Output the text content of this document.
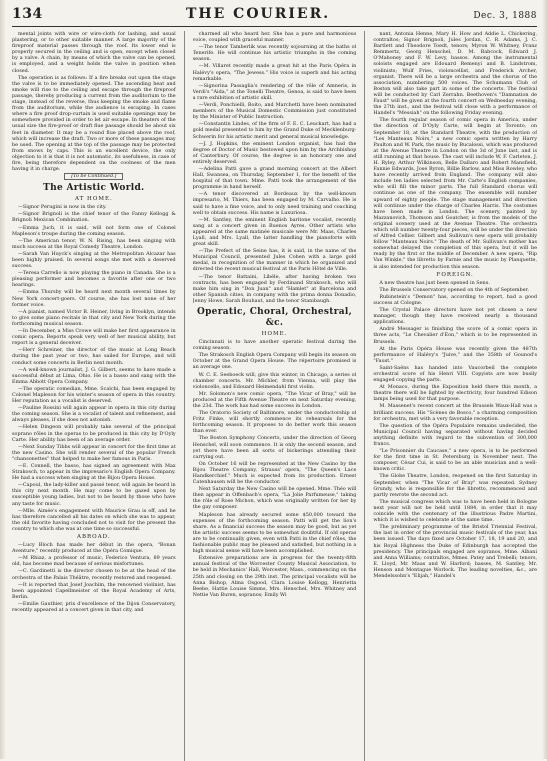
134	THE COURIER.	Dec. 3, 1888

mental joints with wire or wire-cloth for lashing, and usual plastering, or to other suitable manner. A large majority of the fireproof material passes through the roof. Its lower end is properly secured in the ceiling and is open, except when closed by a valve. A chain, by means of which the valve can be opened, is employed, and a weight holds the valve in position when closed.

The operation is as follows: If a fire breaks out upon the stage the valve is to be immediately opened. The ascending heat and smoke will rise to the ceiling and escape through the fireproof passage, thereby producing a current from the auditorium to the stage, instead of the reverse, thus keeping the smoke and flame from the auditorium, while the audience is escaping. In cases where a fire proof drop-curtain is used suitable openings may be somewhere provided in order to let air escape. In theaters of the usual size the fire-proof or draft flue passage should be about six feet in diameter. It may be a round flue placed above the roof, which will increase the draft. Two or more of these passages may be used. The opening at the top of the passage may be protected from snows by caps. This is an excellent device, the only objection to it is that it is not automatic, its usefulness, in case of fire, being therefore dependent on the coolness of the men having it in charge.

[To be Continued.]
The Artistic World.
AT HOME.

—Signor Perugini is now in the city.

—Signor Brignoli is the chief tenor of the Fanny Kellogg & Brignoli Mexican Combination.

—Emma Juch, it is said, will not form one of Colonel Mapleson's troupe during the coming season.

—The American tenor, W. N. Rising, has been singing with much success at the Royal Comedy Theatre, London.

—Sarah Van Huyck's singing at the Metropolitan Alcazar has been highly praised. In several songs she met with a deserved success.

—Teresa Carreño is now playing the piano in Canada. She is a pleasing performer and becomes a favorite after one or two hearings.

—Emma Thursby will be heard next month several times by New York concert-goers. Of course, she has lost none of her former voice.

—A pianist, named Victor B. Heiner, living in Brooklyn, intends to give some piano recitals in that city and New York during the forthcoming musical season.

—In December, a Miss Crowe will make her first appearance in comic opera. Reports speak very well of her musical ability, but report is a general deceiver.

—Herr Schreiner, the director of the music at Long Beach during the past year or two, has sailed for Europe, and will conduct some concerts in Berlin next month.

—A well-known journalist, J. G. Gilbert, seems to have made a successful début at Lima, Ohio. He is a basso and sang with the Emma Abbott Opera Company.

—The operatic comedian, Mme. Scalchi, has been engaged by Colonel Mapleson for his winter's season of opera in this country. Her reputation as a vocalist is deserved.

—Pauline Rossini will again appear in opera in this city during the coming season. She is a vocalist of talent and refinement, and always pleases, if she does not astonish.

—Helen Dingeon will probably take several of the principal soprano rôles in the operas to be produced in this city by D'Oyly Carte. Her ability has been of an average order.

—Next Sunday Tibbs will appear in concert for the first time at the new Casino. She will render several of the popular French "chansonettes" that helped to make her famous in Paris.

—E. Connell, the basso, has signed an agreement with Max Strakosch, to appear in the impresario's English Opera Company. He had a success when singing at the Bijou Opera House.

—Capoul, the lady-killer and passé tenor, will again be heard in this city next month. He may come to be gazed upon by susceptible young ladies, but not to be heard by those who have any taste for music.

—Mlle. Aimée's engagement with Maurice Grau is off, and he has therefore cancelled all his dates on which she was to appear, the old favorite having concluded not to visit for the present the country to which she was at one time so successful.

ABROAD.

—Lucy Bloch has made her début in the opera, "Bonan Aventure," recently produced at the Opéra Comique.

—M Rhiaz, a professor of music, Federico Ventura, 89 years old, has become mad because of serious misfortunes.

—C. Gardinetti is the director chosen to be at the head of the orchestra of the Palais Théâtre, recently restored and reopened.

—It is reported that Josef Joachim, the renowned violinist, has been appointed Capellmeister of the Royal Academy of Arts, Berlin.

—Emilie Gauthier, prix d'excellence of the Dijon Conservatory, recently appeared at a concert given in that city, and

charmed all who heard her. She has a pure and harmonious voice, coupled with graceful manner.

—The tenor Tamberlik was recently sojourning at the baths of Tenerife. He will continue his artistic triumphs in the coming season.

—M. Villaret recently made a great hit at the Paris Opéra in Halévy's opera, "The Jewess." His voice is superb and his acting remarkable.

—Signorina Passaglia's rendering of the rôle of Amneris, in Verdi's "Aida," at the Tonelli Theatre, Genoa, is said to have been a rare exhibition of artistic skill.

—Verdi, Ponchielli, Boito, and Marchetti have been nominated members of the Musical Domestic Commission just constituted by the Minister of Public Instruction.

—Constantin Lindes, of the firm of F. E. C. Leuckart, has had a gold medal presented to him by the Grand Duke of Mecklenburg-Schwerin for his artistic merit and general musical knowledge.

—J. J. Hopkins, the eminent London organist, has had the degree of Doctor of Music bestowed upon him by the Archbishop of Canterbury. Of course, the degree is an honorary one and entirely deserved.

—Adelina Patti gave a grand morning concert at the Albert Hall, Swansea, on Thursday, September 1, for the benefit of the hospital of that town. Mme. Patti took the arrangement of the programme in hand herself.

—A tenor discovered at Bordeaux by the well-known impresario, M. Thiers, has been engaged by M. Carvalho. He is said to have a fine voice, and to only need training and coaching well to obtain success. His name is Luxuriosa.

—M. Santley, the eminent English baritone vocalist, recently sang at a concert given in Buenos Ayres. Other artists who appeared at the same matinée musicale were Mr. Maas, Charles Lyall, and Mrs. Lyall, the latter handling the pianoforte with great skill.

—The Prefect of the Seine has, it is said, in the name of the Municipal Council, presented Jules Cohen with a large gold medal, in recognition of the manner in which he organized and directed the recent musical festival at the Paris Hôtel de Ville.

—The tenor Battaini, Libéle, after having broken two contracts, has been engaged by Ferdinand Strakosch, who will make him sing in "Don Juan" and "Hamlet" at Barcelona and other Spanish cities, in company with the prima donna Donadio, Jenny Howe, Sarah Bouhaut, and the tenor Stanibaugh.

Operatic, Choral, Orchestral, &c.
HOME.

Cincinnati is to have another operatic festival during the coming season.

The Strakosch English Opera Company will begin its season on October at the Grand Opera House. The répertoire promised is an average one.

W. C. E. Seeboeck will, give this winter, in Chicago, a series of chamber concerts. Mr. Michler, from Vienna, will play the violoncello, and Edouard Heimendahl first violin.

Mr. Solomon's new comic opera, "The Vicar of Bray," will be produced at the Fifth Avenue Theatre on next Saturday evening, the 23d. The work has had some success in London.

The Oratorio Society of Baltimore, under the conductorship of Fritz Finke, will shortly commence its rehearsals for the forthcoming season. It proposes to do better work this season than ever.

The Boston Symphony Concerts, under the direction of Georg Henschel, will soon commence. It is only the second season, and yet there have been all sorts of bickerings attending their carrying out.

On October 16 will be represented at the New Casino by the Bijou Theatre Company, Strauss' opera, "The Queen's Lace Handkerchief." Much is expected from its production. Ernest Catenhausen will be the conductor.

Next Saturday the New Casino will be opened. Mme. Théo will then appear in Offenbach's opera, "La Jolie Parfumeuse," taking the rôle of Rose Michon, which was originally written for her by the gay composer.

Mapleson has already secured some $50,000 toward the expenses of the forthcoming season. Patti will get the lion's share. As a financial success the season may be good, but as yet the artistic success seems to be somewhat doubtful. If old operas are to be continually given, even with Patti in the chief rôles, the fashionable public may be pleased and satisfied, but nothing in a high musical sense will have been accomplished.

Extensive preparations are in progress for the twenty-fifth annual festival of the Worcester County Musical Association, to be held in Mechanics' Hall, Worcester, Mass., commencing on the 25th and closing on the 29th inst. The principal vocalists will be Anna Bishop, Alma Osgood, Clara Louise Kellogg, Henrietta Beebe, Hattie Louise Simms, Mrs. Henschel, Mrs. Whitney and Nettie Van Buren, sopranos; Emily Wi

nant, Antonia Henne, Mary H. How and Addie L. Chickering, contraltos; Signor Brignoli, Jules Jordan, C. R. Adams, J. C. Bartlett and Theodore Toedt, tenors; Myron W. Whitney, Franz Remmertz, Georg Henschel, D. M. Babcock, Edward J. O'Mahoney and F. W. Levy, bassos. Among the instrumental soloists engaged are Edouard Remenyi and B. Lindstrom, violinists; Wulf Fries, violoncellist, and Frederick Archer, organist. There will be a large orchestra and the chorus of the association, numbering 500 voices. The Schumann Club of Boston will also take part in some of the concerts. The festival will be conducted by Carl Zerrahn. Beethoven's "Damnation de Faust" will be given at the fourth concert on Wednesday evening, the 27th inst., and the festival will close with a performance of Handel's "Messiah" on the following Friday evening.

The fourth regular season of comic opera in America, under the direction of D'Oyly Carte, will begin at Toronto, on September 18, at the Standard Theatre, with the production of "Les Manteaux Noirs," a new comic opera written by Harry Paulton and W. Park, the music by Bucalossi, which was produced at the Avenue Theatre in London on the 3d of June last, and is still running at that house. The cast will include W. F. Carleton, J. H. Ryley, Arthur Wilkinson, Belle Dallaro and Robert Mansfield, Fannie Edwards, Jose Byron, Billie Barlow, and Miss Rowley, who have recently arrived from England. The company will also include ten ladies selected from Mr. Carte's English companies, who will fill the minor parts. The full Standard chorus will continue as one of the company. The ensemble will number upward of eighty people. The stage management and direction will continue under the charge of Charles Harris. The costumes have been made in London. The scenery, painted by Mazzanovich, Thomson and Goatcher, is from the models of the original scenery used at the Avenue Theatre. The orchestra which will number twenty-four pieces, will be under the direction of Alfred Cellier. Gilbert and Sullivan's new opera will probably follow "Manteaux Noirs." The death of Mr. Sullivan's mother has somewhat delayed the completion of this opera, but it will be ready by the first or the middle of December. A new opera, "Rip Van Winkle," the libretto by Farnie and the music by Planquette, is also intended for production this season.

FOREIGN.

A new theatre has just been opened in Sens.

The Brussels Conservatory opened on the 4th of September.

Rubinstein's "Demon" has, according to report, had a good success at Cologne.

The Crystal Palace directors have not yet chosen a new manager, though they have received nearly a thousand applications.

André Messager is finishing the score of a comic opera in three acts, "Le Chevalier d'Éon," which is to be represented in Brussels.

At the Paris Opéra House was recently given the 487th performance of Halévy's "Juive," and the 358th of Gounod's "Faust."

Saint-Saëns has handed into Vaucorbeil the complete orchestral score of his Henri VIII. Copyists are now busily engaged copying the parts.

At Monaco, during the Exposition held there this month, a theatre there will be lighted by electricity, four hundred Edison lamps being used for that purpose.

M. Massenet's recent concert at the Brussels Waux-Hall was a brilliant success. His "Scènes de Bosco," a charming composition for orchestra, met with a very favorable reception.

The question of the Opéra Populaire remains undecided, the Municipal Council having separated without having decided anything definite with regard to the subvention of 300,000 francs.

"Le Prisonnier du Caucase," a new opera, is to be performed for the first time in St. Petersburg in November next. The composer, César Cui, is said to be an able musician and a well-known critic.

The Globe Theatre, London, reopened on the first Saturday in September, when "The Vicar of Bray" was repeated. Sydney Grundy, who is responsible for the libretto, recommenced and partly rewrote the second act.

The musical congress which was to have been held in Bologne next year will not be held until 1884, in order that it may coincide with the centenary of the illustrious Padre Martini, which it is wished to celebrate at the same time.

The preliminary programme of the Bristol Triennial Festival, the last in order of the provincial music festivals of the year, has been issued. The days fixed are October 17, 18, 19 and 20, and his Royal Highness the Duke of Edinburgh has accepted the presidency. The principals engaged are sopranos, Mme. Albani and Anna Williams; contraltos, Mmes. Patey and Trebelli; tenors, E. Lloyd, Mr. Maas and W. Harford; basses, M. Santley, Mr. Henson and Montague Worlock. The leading novelties, &c., are Mendelssohn's "Elijah," Handel's
